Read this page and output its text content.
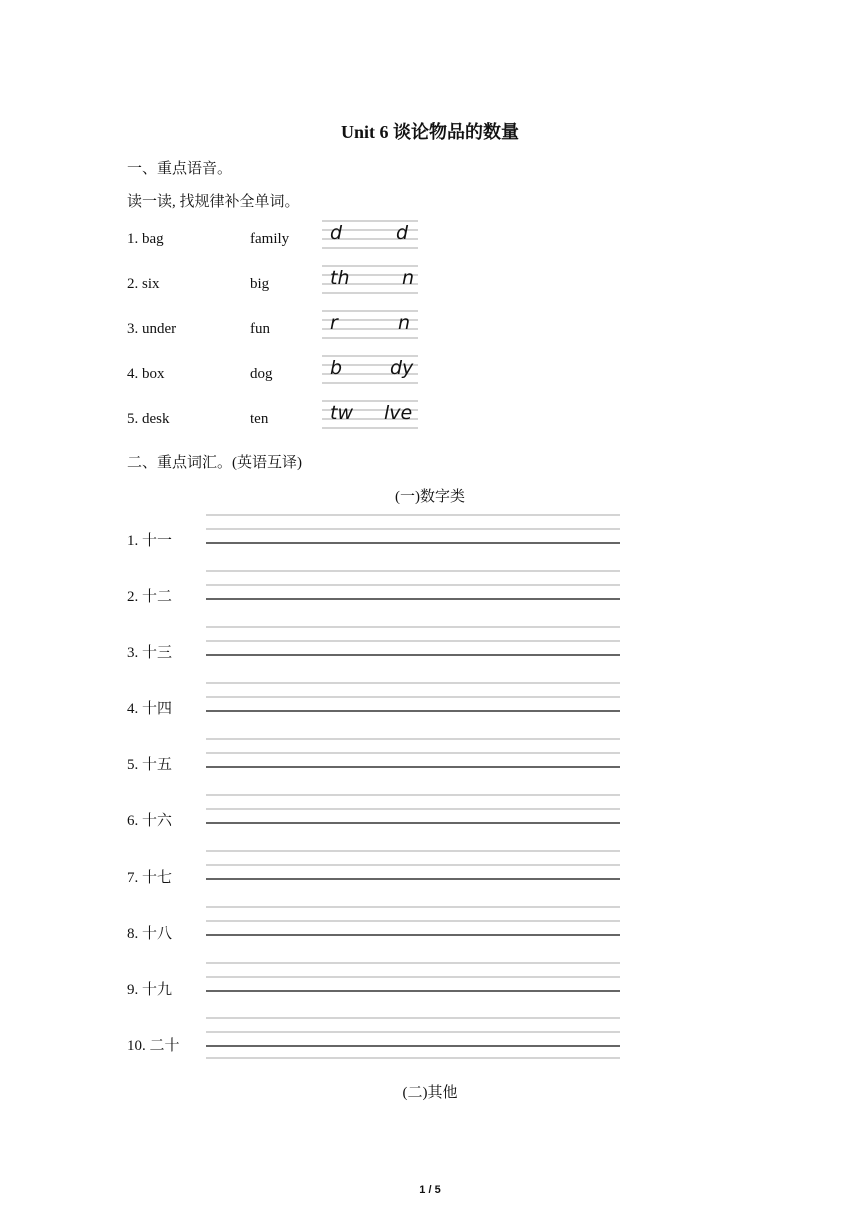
Unit 6 谈论物品的数量
一、重点语音。
读一读, 找规律补全单词。
1. bag	family d	d
2. six	big	th	n
3. under	fun	r	n
4. box	dog	b	dy
5. desk	ten	tw lve
二、重点词汇。(英语互译)
(一)数字类
1. 十一
2. 十二
3. 十三
4. 十四
5. 十五
6. 十六
7. 十七
8. 十八
9. 十九
10. 二十
(二)其他
1 / 5
